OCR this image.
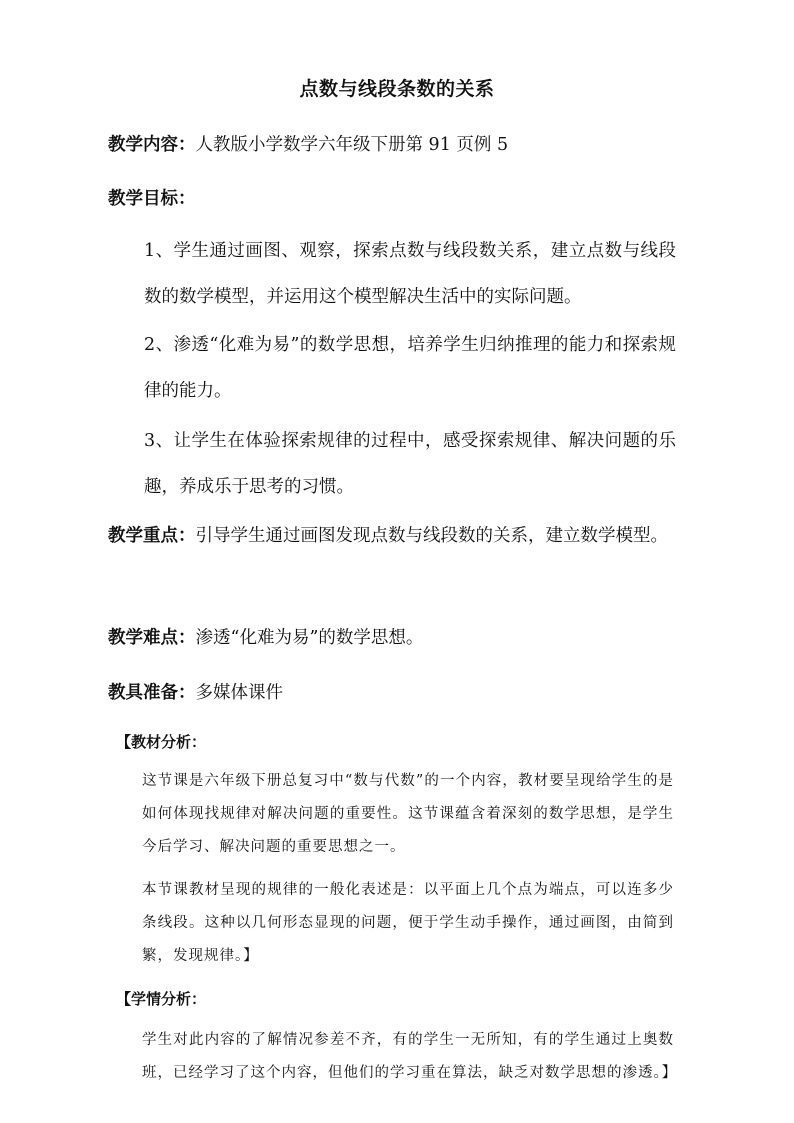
点数与线段条数的关系
教学内容：人教版小学数学六年级下册第 91 页例 5
教学目标：
1、学生通过画图、观察，探索点数与线段数关系，建立点数与线段数的数学模型，并运用这个模型解决生活中的实际问题。
2、渗透“化难为易”的数学思想，培养学生归纳推理的能力和探索规律的能力。
3、让学生在体验探索规律的过程中，感受探索规律、解决问题的乐趣，养成乐于思考的习惯。
教学重点：引导学生通过画图发现点数与线段数的关系，建立数学模型。
教学难点：渗透“化难为易”的数学思想。
教具准备：多媒体课件
【教材分析：
这节课是六年级下册总复习中“数与代数”的一个内容，教材要呈现给学生的是如何体现找规律对解决问题的重要性。这节课蕴含着深刻的数学思想，是学生今后学习、解决问题的重要思想之一。
本节课教材呈现的规律的一般化表述是：以平面上几个点为端点，可以连多少条线段。这种以几何形态显现的问题，便于学生动手操作，通过画图，由简到繁，发现规律。】
【学情分析：
学生对此内容的了解情况参差不齐，有的学生一无所知，有的学生通过上奥数班，已经学习了这个内容，但他们的学习重在算法，缺乏对数学思想的渗透。】
